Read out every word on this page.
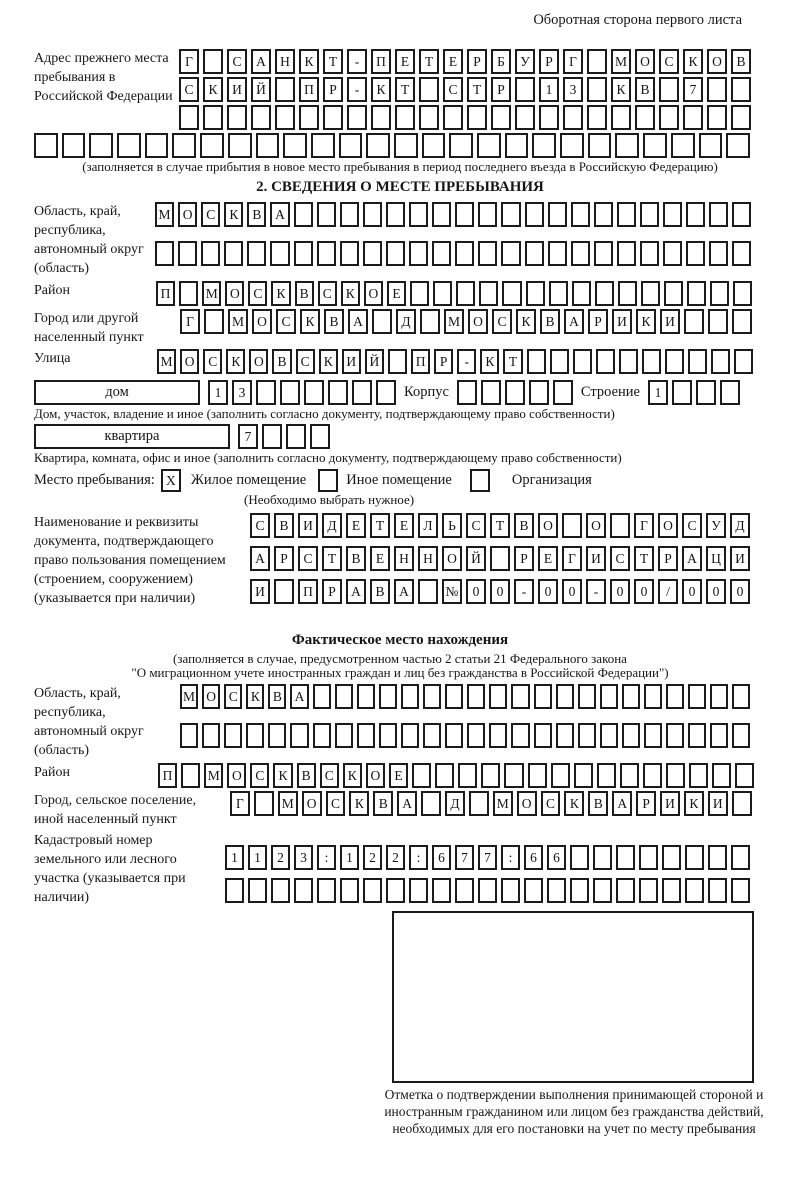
Оборотная сторона первого листа
Адрес прежнего места пребывания в Российской Федерации
Г	С	А	Н	К	Т	-	П	Е	Т	Е	Р	Б	У	Р	Г	М О	С	К	О	В
С	К	И	Й	П	Р	-	К	Т	С	Т	Р	1	3	К	В	7
(заполняется в случае прибытия в новое место пребывания в период последнего въезда в Российскую Федерацию)
2. СВЕДЕНИЯ О МЕСТЕ ПРЕБЫВАНИЯ
Область, край, республика, автономный округ (область)
М О	С	К	В	А
Район	П	М О	С	К	В	С	К	О	Е
Город или другой населенный пункт
Г	М О	С	К	В	А	Д	М О	С	К	В	А	Р	И	К	И
Улица	М О	С	К	О	В	С	К	И Й	П	Р	-	К	Т
дом	1	3	Корпус	Строение	1
Дом, участок, владение и иное (заполнить согласно документу, подтверждающему право собственности)
квартира	7
Квартира, комната, офис и иное (заполнить согласно документу, подтверждающему право собственности)
Место пребывания: X	Жилое помещение	Иное помещение	Организация
(Необходимо выбрать нужное)
Наименование и реквизиты документа, подтверждающего право пользования помещением (строением, сооружением) (указывается при наличии)
С	В	И	Д	Е	Т	Е	Л	Ь	С	Т	В	О	О	Г	О	С	У	Д
А	Р	С	Т	В	Е	Н	Н	О	Й	Р	Е	Г	И	С	Т	Р	А	Ц	И
И	П	Р	А	В	А	№	0	0	-	0	0	-	0	0	/	0	0	0
Фактическое место нахождения
(заполняется в случае, предусмотренном частью 2 статьи 21 Федерального закона
"О миграционном учете иностранных граждан и лиц без гражданства в Российской Федерации")
Область, край, республика, автономный округ (область)
М О С К В А
Район	П	М О	С	К	В	С	К	О	Е
Город, сельское поселение, иной населенный пункт
Г	М О	С	К	В	А	Д	М О	С	К	В	А	Р	И	К	И
Кадастровый номер земельного или лесного участка (указывается при наличии)
1	1	2	3	:	1	2	2	:	6	7	7	:	6	6
Отметка о подтверждении выполнения принимающей стороной и иностранным гражданином или лицом без гражданства действий, необходимых для его постановки на учет по месту пребывания
